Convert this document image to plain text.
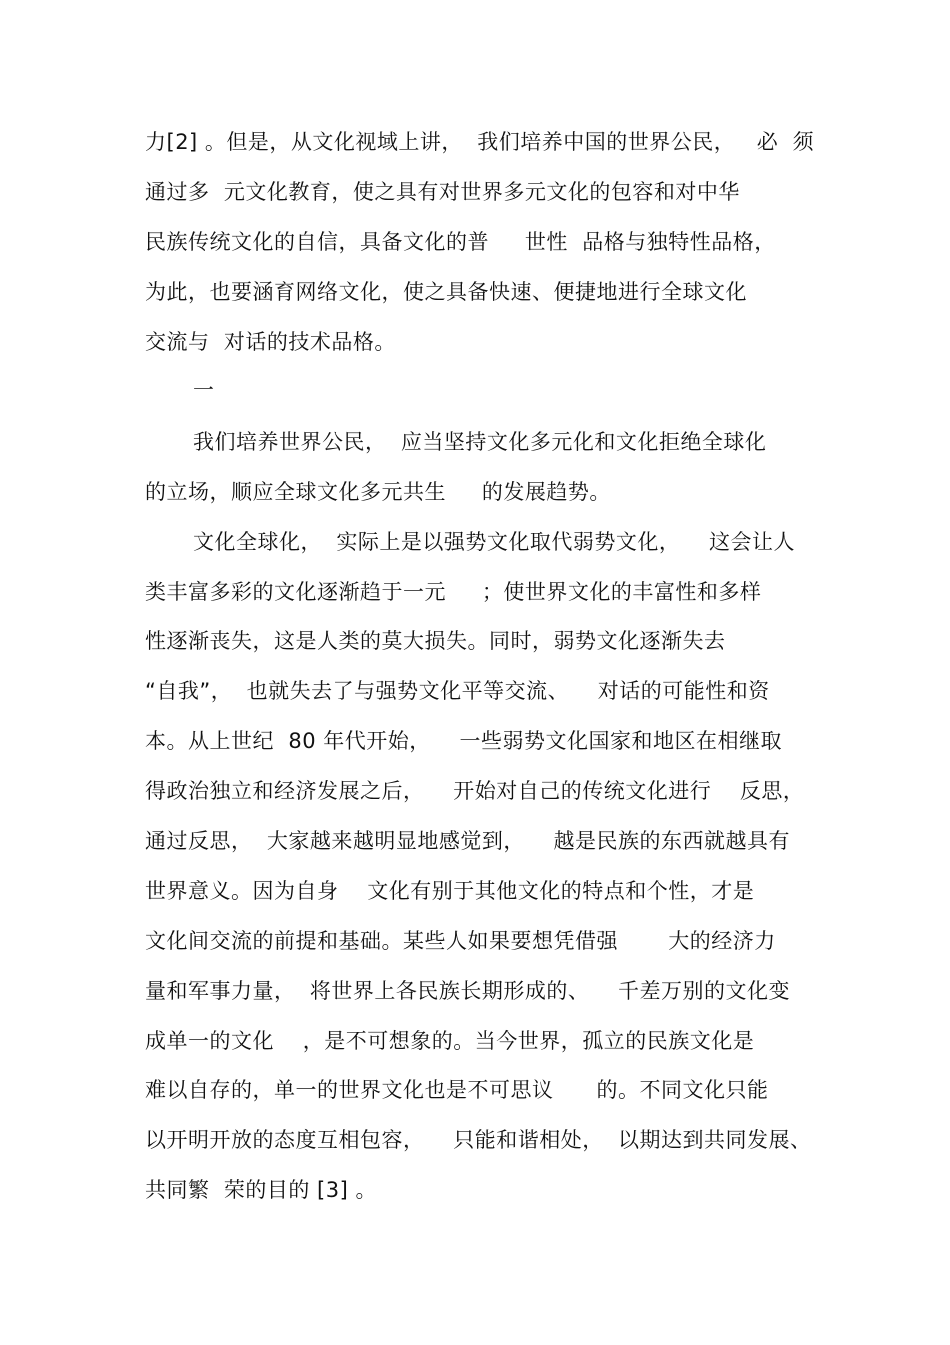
力[2] 。但是，从文化视域上讲，  我们培养中国的世界公民，   必  须
通过多  元文化教育，使之具有对世界多元文化的包容和对中华
民族传统文化的自信，具备文化的普     世性  品格与独特性品格，
为此，也要涵育网络文化，使之具备快速、便捷地进行全球文化
交流与  对话的技术品格。
一
我们培养世界公民，  应当坚持文化多元化和文化拒绝全球化
的立场，顺应全球文化多元共生     的发展趋势。
文化全球化，  实际上是以强势文化取代弱势文化，    这会让人
类丰富多彩的文化逐渐趋于一元     ；使世界文化的丰富性和多样
性逐渐丧失，这是人类的莫大损失。同时，弱势文化逐渐失去
“自我”，  也就失去了与强势文化平等交流、    对话的可能性和资
本。从上世纪  80 年代开始，    一些弱势文化国家和地区在相继取
得政治独立和经济发展之后，    开始对自己的传统文化进行    反思，
通过反思，  大家越来越明显地感觉到，    越是民族的东西就越具有
世界意义。因为自身    文化有别于其他文化的特点和个性，才是
文化间交流的前提和基础。某些人如果要想凭借强       大的经济力
量和军事力量，  将世界上各民族长期形成的、    千差万别的文化变
成单一的文化    ，是不可想象的。当今世界，孤立的民族文化是
难以自存的，单一的世界文化也是不可思议      的。不同文化只能
以开明开放的态度互相包容，    只能和谐相处，  以期达到共同发展、
共同繁  荣的目的 [3] 。
